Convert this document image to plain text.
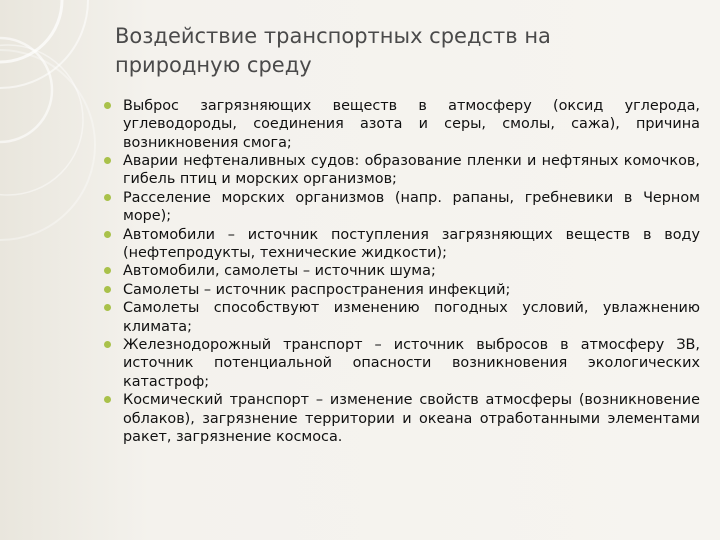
Воздействие транспортных средств на природную среду
Выброс загрязняющих веществ в атмосферу (оксид углерода, углеводороды, соединения азота и серы, смолы, сажа), причина возникновения смога;
Аварии нефтеналивных судов: образование пленки и нефтяных комочков, гибель птиц и морских организмов;
Расселение морских организмов (напр. рапаны, гребневики в Черном море);
Автомобили – источник поступления загрязняющих веществ в воду (нефтепродукты, технические жидкости);
Автомобили, самолеты – источник шума;
Самолеты – источник распространения инфекций;
Самолеты способствуют изменению погодных условий, увлажнению климата;
Железнодорожный транспорт – источник выбросов в атмосферу ЗВ, источник потенциальной опасности возникновения экологических катастроф;
Космический транспорт – изменение свойств атмосферы (возникновение облаков), загрязнение территории и океана отработанными элементами ракет, загрязнение космоса.
